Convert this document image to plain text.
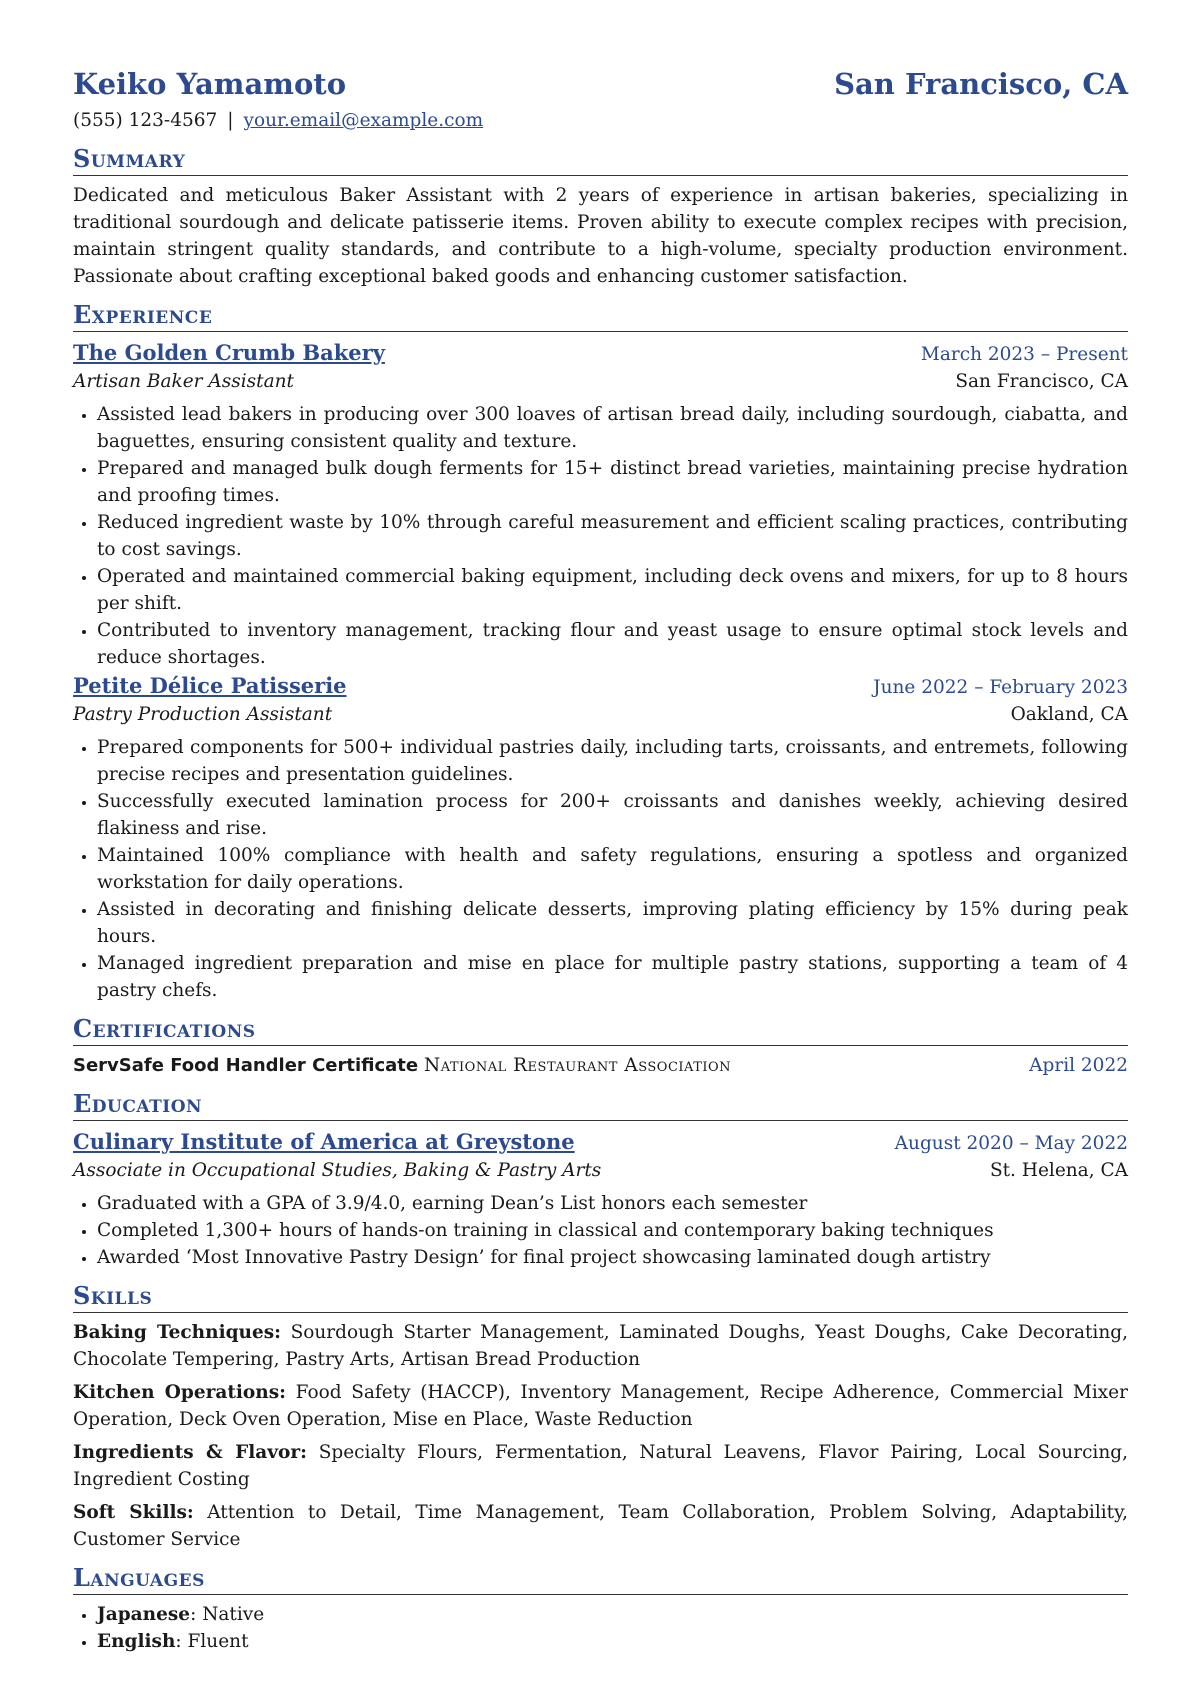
Keiko Yamamoto	San Francisco, CA
(555) 123-4567 | your.email@example.com
Summary

Dedicated and meticulous Baker Assistant with 2 years of experience in artisan bakeries, specializing in traditional sourdough and delicate patisserie items. Proven ability to execute complex recipes with precision, maintain stringent quality standards, and contribute to a high-volume, specialty production environment. Passionate about crafting exceptional baked goods and enhancing customer satisfaction.

Experience
The Golden Crumb Bakery	March 2023 – Present
Artisan Baker Assistant	San Francisco, CA
• Assisted lead bakers in producing over 300 loaves of artisan bread daily, including sourdough, ciabatta, and baguettes, ensuring consistent quality and texture.
• Prepared and managed bulk dough ferments for 15+ distinct bread varieties, maintaining precise hydration and proofing times.
• Reduced ingredient waste by 10% through careful measurement and efficient scaling practices, contributing to cost savings.
• Operated and maintained commercial baking equipment, including deck ovens and mixers, for up to 8 hours per shift.
• Contributed to inventory management, tracking flour and yeast usage to ensure optimal stock levels and reduce shortages.
Petite Délice Patisserie	June 2022 – February 2023
Pastry Production Assistant	Oakland, CA
• Prepared components for 500+ individual pastries daily, including tarts, croissants, and entremets, following precise recipes and presentation guidelines.
• Successfully executed lamination process for 200+ croissants and danishes weekly, achieving desired flakiness and rise.
• Maintained 100% compliance with health and safety regulations, ensuring a spotless and organized workstation for daily operations.
• Assisted in decorating and finishing delicate desserts, improving plating efficiency by 15% during peak hours.
• Managed ingredient preparation and mise en place for multiple pastry stations, supporting a team of 4 pastry chefs.
Certifications
ServSafe Food Handler Certificate National Restaurant Association	April 2022
Education
Culinary Institute of America at Greystone	August 2020 – May 2022
Associate in Occupational Studies, Baking & Pastry Arts	St. Helena, CA
• Graduated with a GPA of 3.9/4.0, earning Dean’s List honors each semester
• Completed 1,300+ hours of hands-on training in classical and contemporary baking techniques
• Awarded ‘Most Innovative Pastry Design’ for final project showcasing laminated dough artistry
Skills

Baking Techniques: Sourdough Starter Management, Laminated Doughs, Yeast Doughs, Cake Decorating, Chocolate Tempering, Pastry Arts, Artisan Bread Production

Kitchen Operations: Food Safety (HACCP), Inventory Management, Recipe Adherence, Commercial Mixer Operation, Deck Oven Operation, Mise en Place, Waste Reduction

Ingredients & Flavor: Specialty Flours, Fermentation, Natural Leavens, Flavor Pairing, Local Sourcing, Ingredient Costing

Soft Skills: Attention to Detail, Time Management, Team Collaboration, Problem Solving, Adaptability, Customer Service

Languages
• Japanese: Native
• English: Fluent
